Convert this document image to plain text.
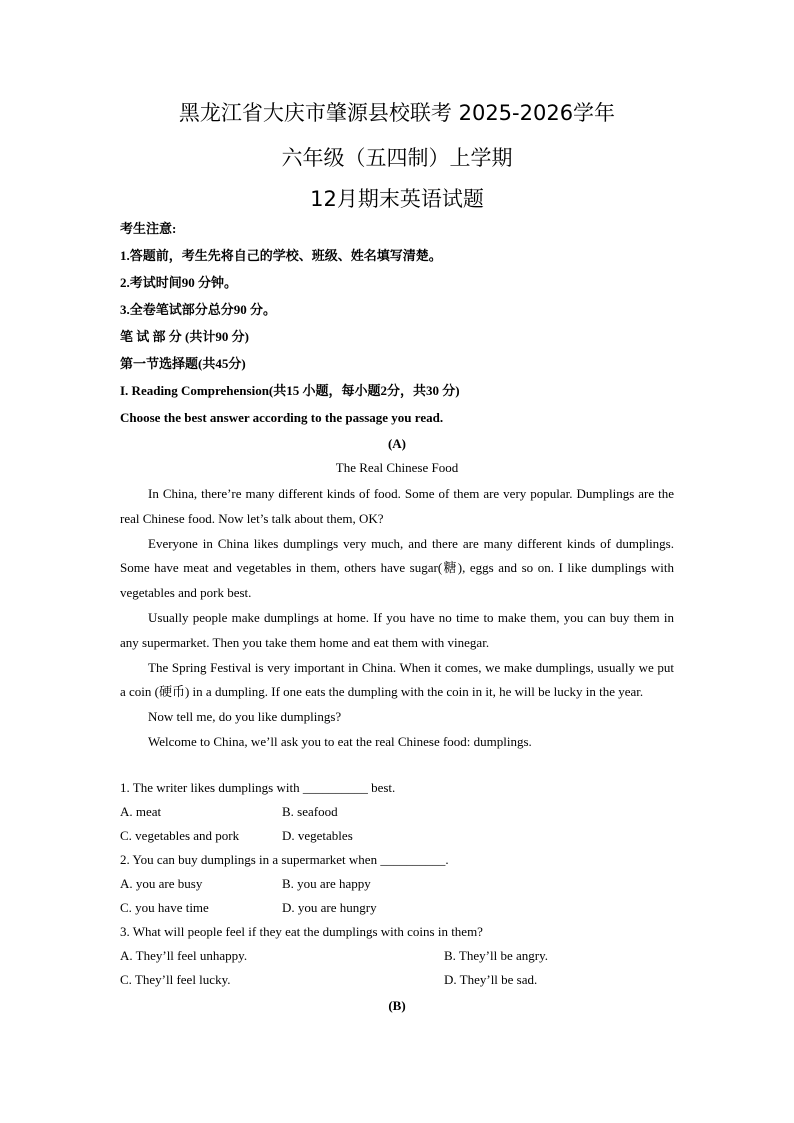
黑龙江省大庆市肇源县校联考 2025-2026学年
六年级（五四制）上学期
12月期末英语试题
考生注意:
1.答题前，考生先将自己的学校、班级、姓名填写清楚。
2.考试时间90 分钟。
3.全卷笔试部分总分90 分。
笔 试 部 分 (共计90 分)
第一节选择题(共45分)
I. Reading Comprehension(共15 小题，每小题2分，共30 分)
Choose the best answer according to the passage you read.
(A)
The Real Chinese Food

In China, there’re many different kinds of food. Some of them are very popular. Dumplings are the real Chinese food. Now let’s talk about them, OK?

Everyone in China likes dumplings very much, and there are many different kinds of dumplings. Some have meat and vegetables in them, others have sugar(糖), eggs and so on. I like dumplings with vegetables and pork best.

Usually people make dumplings at home. If you have no time to make them, you can buy them in any supermarket. Then you take them home and eat them with vinegar.

The Spring Festival is very important in China. When it comes, we make dumplings, usually we put a coin (硬币) in a dumpling. If one eats the dumpling with the coin in it, he will be lucky in the year.

Now tell me, do you like dumplings?

Welcome to China, we’ll ask you to eat the real Chinese food: dumplings.

1. The writer likes dumplings with __________ best.
A. meat	B. seafood
C. vegetables and pork	D. vegetables
2. You can buy dumplings in a supermarket when __________.
A. you are busy	B. you are happy
C. you have time	D. you are hungry
3. What will people feel if they eat the dumplings with coins in them?
A. They’ll feel unhappy.	B. They’ll be angry.
C. They’ll feel lucky.	D. They’ll be sad.
(B)
